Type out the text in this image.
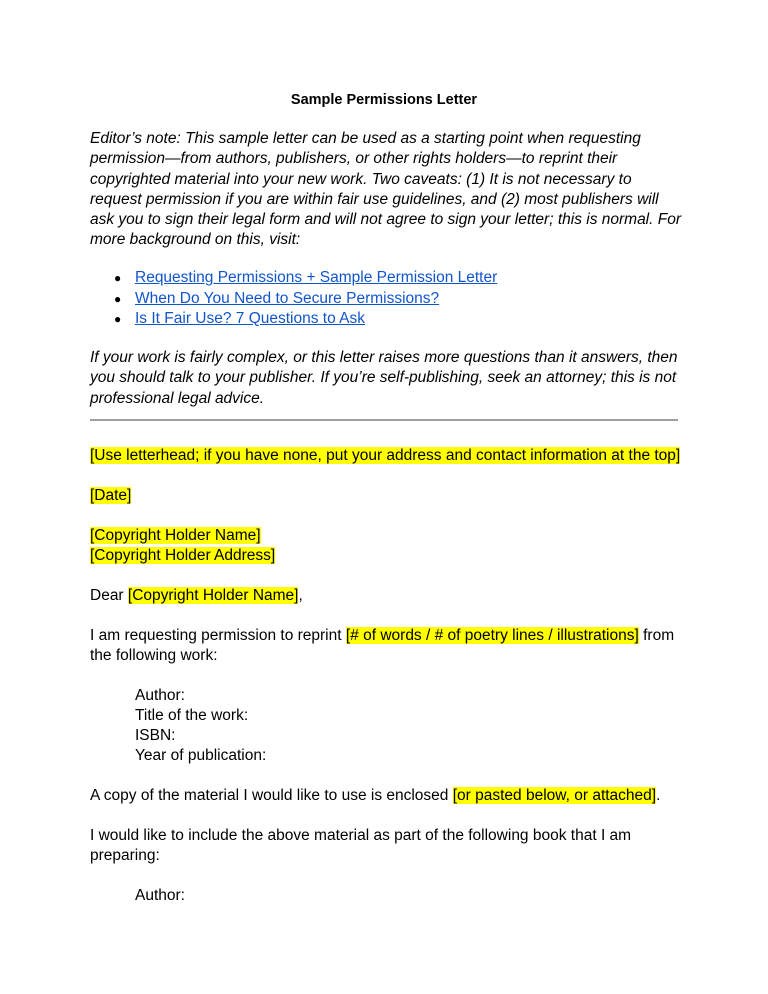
Sample Permissions Letter
Editor’s note: This sample letter can be used as a starting point when requesting permission—from authors, publishers, or other rights holders—to reprint their copyrighted material into your new work. Two caveats: (1) It is not necessary to request permission if you are within fair use guidelines, and (2) most publishers will ask you to sign their legal form and will not agree to sign your letter; this is normal. For more background on this, visit:
● Requesting Permissions + Sample Permission Letter
● When Do You Need to Secure Permissions?
● Is It Fair Use? 7 Questions to Ask
If your work is fairly complex, or this letter raises more questions than it answers, then you should talk to your publisher. If you’re self-publishing, seek an attorney; this is not professional legal advice.
[Use letterhead; if you have none, put your address and contact information at the top]
[Date]
[Copyright Holder Name]
[Copyright Holder Address]
Dear [Copyright Holder Name],
I am requesting permission to reprint [# of words / # of poetry lines / illustrations] from the following work:
Author:
Title of the work:
ISBN:
Year of publication:
A copy of the material I would like to use is enclosed [or pasted below, or attached].
I would like to include the above material as part of the following book that I am preparing:
Author:
